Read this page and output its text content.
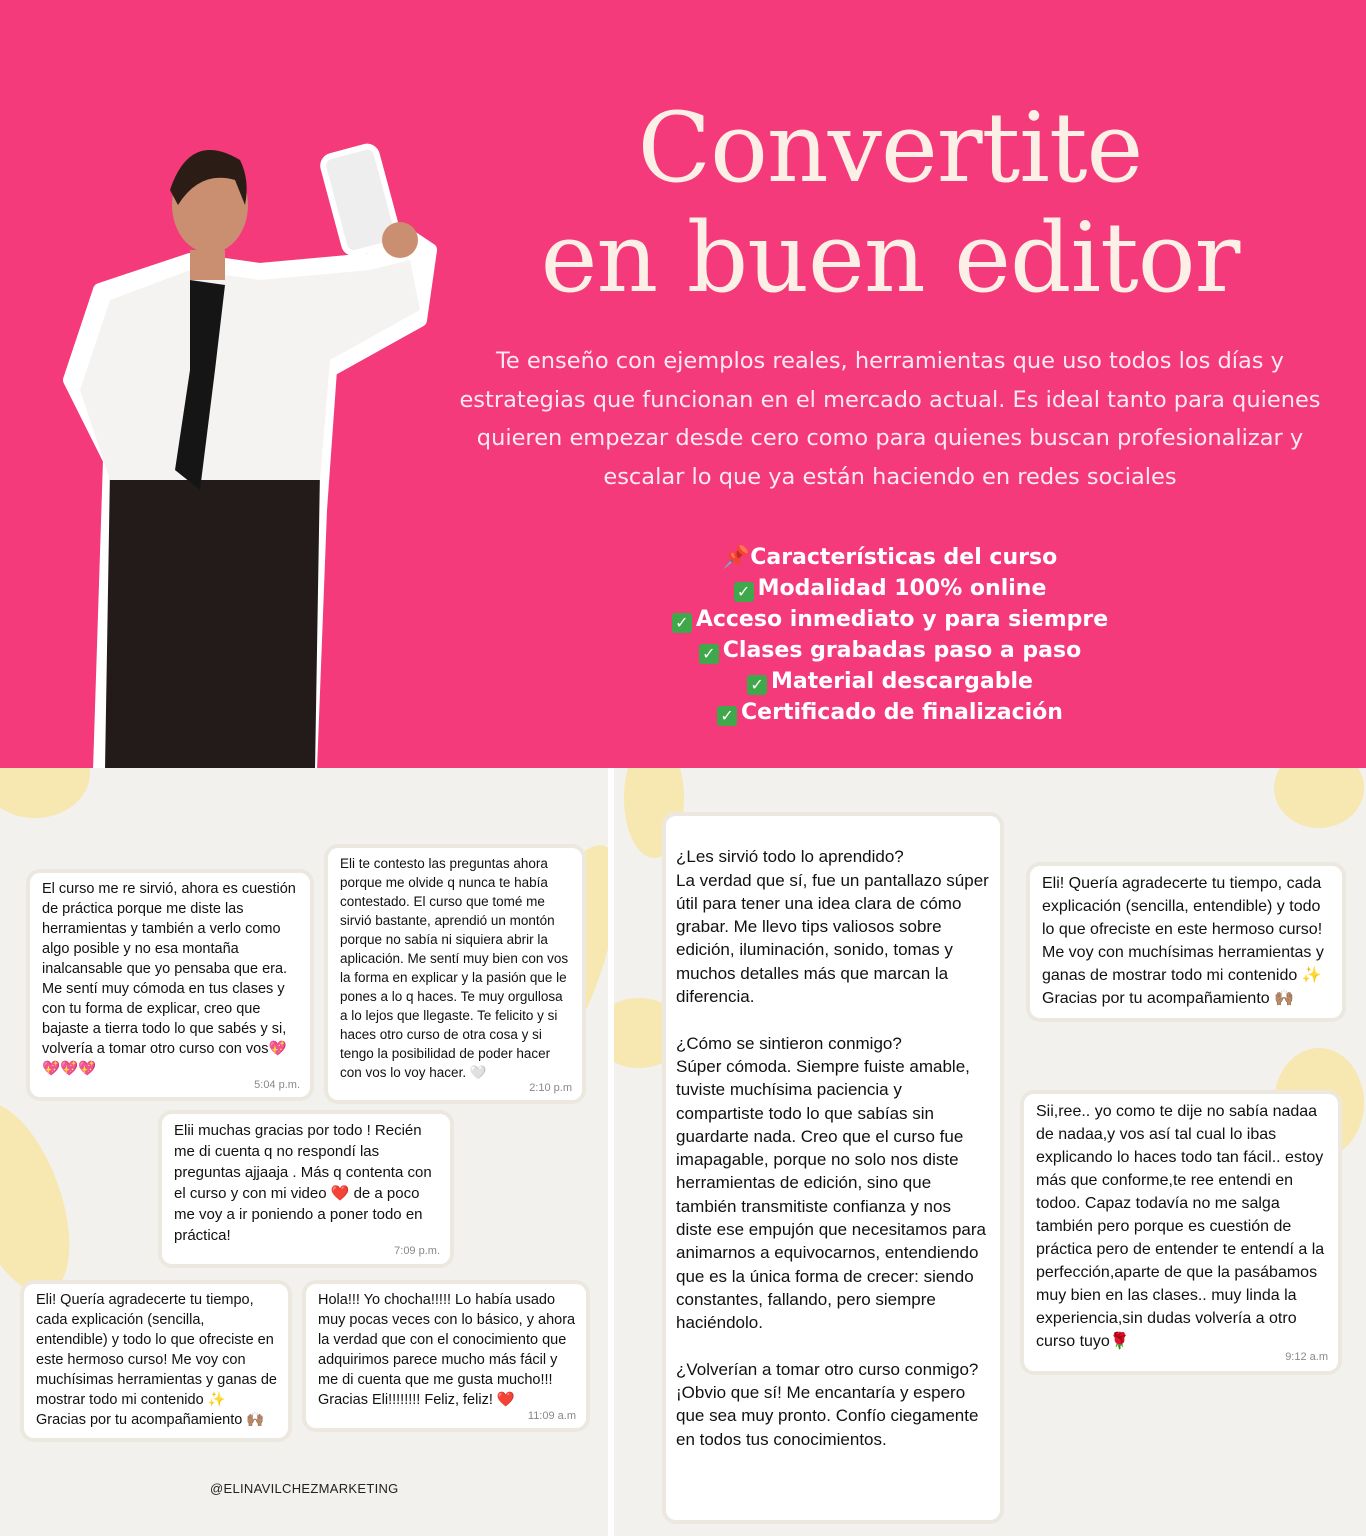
Convertite
en buen editor

Te enseño con ejemplos reales, herramientas que uso todos los días y estrategias que funcionan en el mercado actual. Es ideal tanto para quienes quieren empezar desde cero como para quienes buscan profesionalizar y escalar lo que ya están haciendo en redes sociales

📌Características del curso
✓ Modalidad 100% online
✓ Acceso inmediato y para siempre
✓ Clases grabadas paso a paso
✓ Material descargable
✓ Certificado de finalización
El curso me re sirvió, ahora es cuestión de práctica porque me diste las herramientas y también a verlo como algo posible y no esa montaña inalcansable que yo pensaba que era. Me sentí muy cómoda en tus clases y con tu forma de explicar, creo que bajaste a tierra todo lo que sabés y si, volvería a tomar otro curso con vos💖💖💖💖
5:04 p.m.
Eli te contesto las preguntas ahora porque me olvide q nunca te había contestado. El curso que tomé me sirvió bastante, aprendió un montón porque no sabía ni siquiera abrir la aplicación. Me sentí muy bien con vos la forma en explicar y la pasión que le pones a lo q haces. Te muy orgullosa a lo lejos que llegaste. Te felicito y si haces otro curso de otra cosa y si tengo la posibilidad de poder hacer con vos lo voy hacer. 🤍
2:10 p.m
Elii muchas gracias por todo ! Recién me di cuenta q no respondí las preguntas ajjaaja . Más q contenta con el curso y con mi video ❤️ de a poco me voy a ir poniendo a poner todo en práctica!
7:09 p.m.
Eli! Quería agradecerte tu tiempo, cada explicación (sencilla, entendible) y todo lo que ofreciste en este hermoso curso! Me voy con muchísimas herramientas y ganas de mostrar todo mi contenido ✨ Gracias por tu acompañamiento 🙌🏽
Hola!!! Yo chocha!!!!! Lo había usado muy pocas veces con lo básico, y ahora la verdad que con el conocimiento que adquirimos parece mucho más fácil y me di cuenta que me gusta mucho!!! Gracias Eli!!!!!!!! Feliz, feliz! ❤️
11:09 a.m
@ELINAVILCHEZMARKETING

¿Les sirvió todo lo aprendido?
La verdad que sí, fue un pantallazo súper útil para tener una idea clara de cómo grabar. Me llevo tips valiosos sobre edición, iluminación, sonido, tomas y muchos detalles más que marcan la diferencia.

¿Cómo se sintieron conmigo?
Súper cómoda. Siempre fuiste amable, tuviste muchísima paciencia y compartiste todo lo que sabías sin guardarte nada. Creo que el curso fue imapagable, porque no solo nos diste herramientas de edición, sino que también transmitiste confianza y nos diste ese empujón que necesitamos para animarnos a equivocarnos, entendiendo que es la única forma de crecer: siendo constantes, fallando, pero siempre haciéndolo.

¿Volverían a tomar otro curso conmigo?
¡Obvio que sí! Me encantaría y espero que sea muy pronto. Confío ciegamente en todos tus conocimientos.
Eli! Quería agradecerte tu tiempo, cada explicación (sencilla, entendible) y todo lo que ofreciste en este hermoso curso! Me voy con muchísimas herramientas y ganas de mostrar todo mi contenido ✨ Gracias por tu acompañamiento 🙌🏽
Sii,ree.. yo como te dije no sabía nadaa de nadaa,y vos así tal cual lo ibas explicando lo haces todo tan fácil.. estoy más que conforme,te ree entendi en todoo. Capaz todavía no me salga también pero porque es cuestión de práctica pero de entender te entendí a la perfección,aparte de que la pasábamos muy bien en las clases.. muy linda la experiencia,sin dudas volvería a otro curso tuyo🌹
9:12 a.m
